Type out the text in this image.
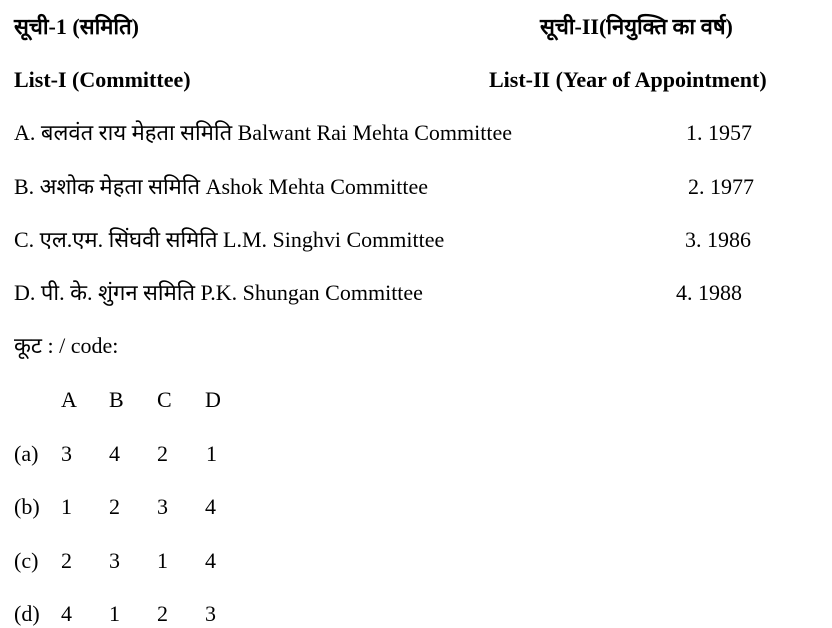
सूची-1 (समिति)	सूची-II(नियुक्ति का वर्ष)
List-I (Committee)	List-II (Year of Appointment)
A. बलवंत राय मेहता समिति Balwant Rai Mehta Committee
B. अशोक मेहता समिति Ashok Mehta Committee
C. एल.एम. सिंघवी समिति L.M. Singhvi Committee
D. पी. के. शुंगन समिति P.K. Shungan Committee
1. 1957
2. 1977
3. 1986
4. 1988
कूट : / code:
A B C D
(a) 3 4 2 1
(b) 1 2 3 4
(c) 2 3 1 4
(d) 4 1 2 3
